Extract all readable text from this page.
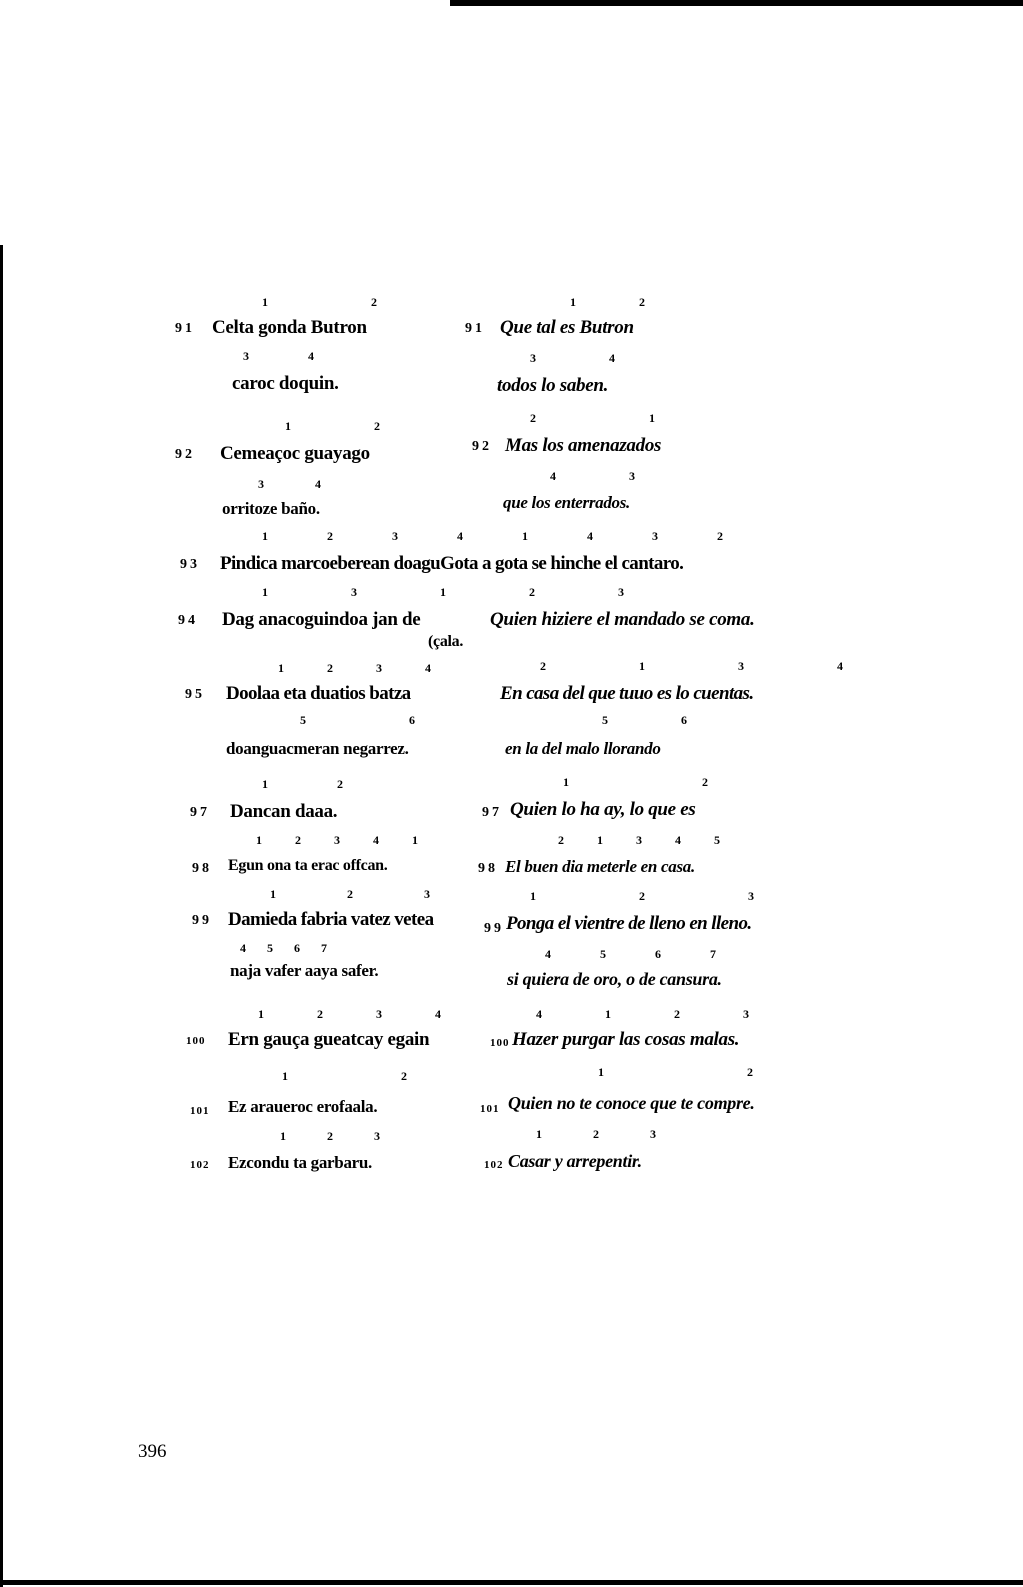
1 2	1 2
91 Celta gonda Butron	91 Que tal es Butron
3 4	3 4
caroc doquin.	todos lo saben.
1 2
2 1
92 Cemeaçoc guayago	92 Mas los amenazados
3 4
4 3
orritoze baño.	que los enterrados.
1 2 3 4 1 4 3 2
93 Pindica marcoeberean doaguGota a gota se hinche el cantaro.
1 3 1 2 3
94 Dag anacoguindoa jan de	Quien hiziere el mandado se coma.
(çala.
1 2 3 4	2 1 3 4
95 Doolaa eta duatios batza	En casa del que tuuo es lo cuentas.
5 6	5 6
doanguacmeran negarrez.	en la del malo llorando
1 2	1 2
97 Dancan daaa.	97 Quien lo ha ay, lo que es
1 2 3 4 1	2 1 3 4 5
98 Egun ona ta erac offcan.	98 El buen dia meterle en casa.
1 2 3	1 2 3
99 Damieda fabria vatez vetea	99 Ponga el vientre de lleno en lleno.
4 5 6 7	4 5 6 7
naja vafer aaya safer.	si quiera de oro, o de cansura.
1 2 3 4	4 1 2 3
100 Ern gauça gueatcay egain	100 Hazer purgar las cosas malas.
1 2	1 2
101 Ez araueroc erofaala.	101 Quien no te conoce que te compre.
1 2 3	1 2 3
102 Ezcondu ta garbaru.	102 Casar y arrepentir.
396
